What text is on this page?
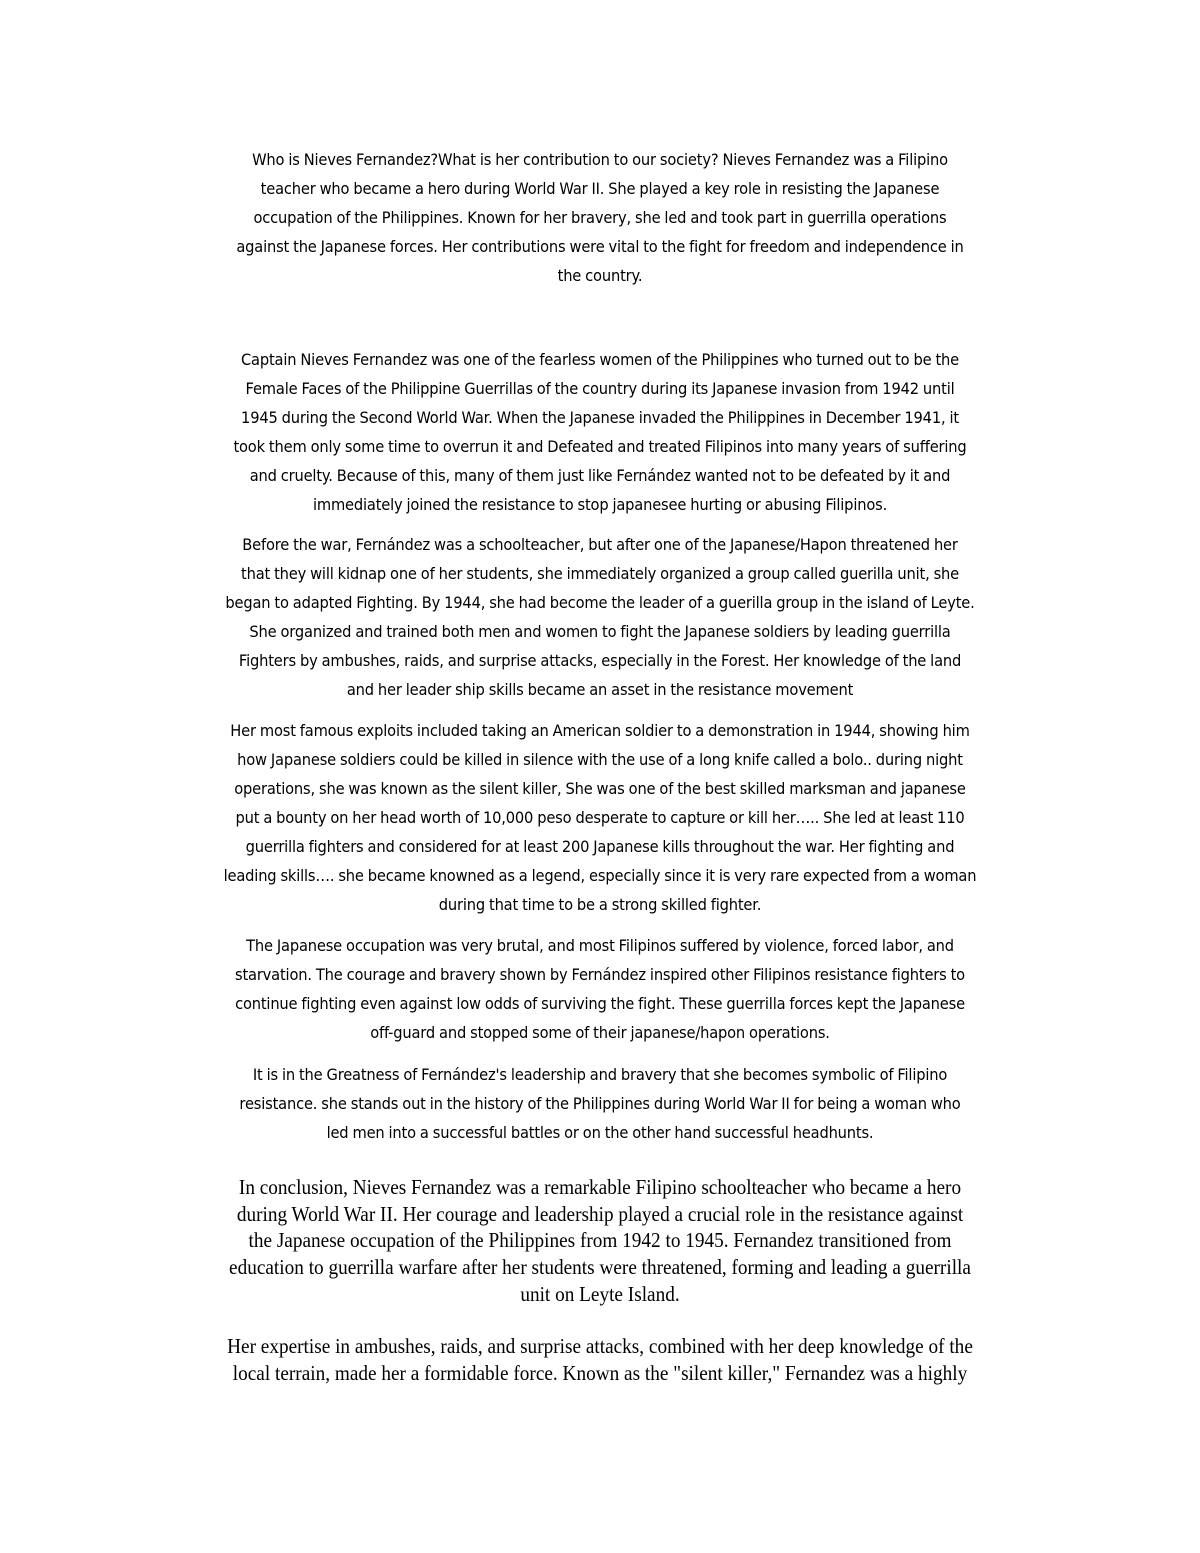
Who is Nieves Fernandez?What is her contribution to our society? Nieves Fernandez was a Filipino
teacher who became a hero during World War II. She played a key role in resisting the Japanese
occupation of the Philippines. Known for her bravery, she led and took part in guerrilla operations
against the Japanese forces. Her contributions were vital to the fight for freedom and independence in
the country.
Captain Nieves Fernandez was one of the fearless women of the Philippines who turned out to be the
Female Faces of the Philippine Guerrillas of the country during its Japanese invasion from 1942 until
1945 during the Second World War. When the Japanese invaded the Philippines in December 1941, it
took them only some time to overrun it and Defeated and treated Filipinos into many years of suffering
and cruelty. Because of this, many of them just like Fernández wanted not to be defeated by it and
immediately joined the resistance to stop japanesee hurting or abusing Filipinos.
Before the war, Fernández was a schoolteacher, but after one of the Japanese/Hapon threatened her
that they will kidnap one of her students, she immediately organized a group called guerilla unit, she
began to adapted Fighting. By 1944, she had become the leader of a guerilla group in the island of Leyte.
She organized and trained both men and women to fight the Japanese soldiers by leading guerrilla
Fighters by ambushes, raids, and surprise attacks, especially in the Forest. Her knowledge of the land
and her leader ship skills became an asset in the resistance movement
Her most famous exploits included taking an American soldier to a demonstration in 1944, showing him
how Japanese soldiers could be killed in silence with the use of a long knife called a bolo.. during night
operations, she was known as the silent killer, She was one of the best skilled marksman and japanese
put a bounty on her head worth of 10,000 peso desperate to capture or kill her….. She led at least 110
guerrilla fighters and considered for at least 200 Japanese kills throughout the war. Her fighting and
leading skills…. she became knowned as a legend, especially since it is very rare expected from a woman
during that time to be a strong skilled fighter.
The Japanese occupation was very brutal, and most Filipinos suffered by violence, forced labor, and
starvation. The courage and bravery shown by Fernández inspired other Filipinos resistance fighters to
continue fighting even against low odds of surviving the fight. These guerrilla forces kept the Japanese
off-guard and stopped some of their japanese/hapon operations.
It is in the Greatness of Fernández's leadership and bravery that she becomes symbolic of Filipino
resistance. she stands out in the history of the Philippines during World War II for being a woman who
led men into a successful battles or on the other hand successful headhunts.
In conclusion, Nieves Fernandez was a remarkable Filipino schoolteacher who became a hero
during World War II. Her courage and leadership played a crucial role in the resistance against
the Japanese occupation of the Philippines from 1942 to 1945. Fernandez transitioned from
education to guerrilla warfare after her students were threatened, forming and leading a guerrilla
unit on Leyte Island.
Her expertise in ambushes, raids, and surprise attacks, combined with her deep knowledge of the
local terrain, made her a formidable force. Known as the "silent killer," Fernandez was a highly
